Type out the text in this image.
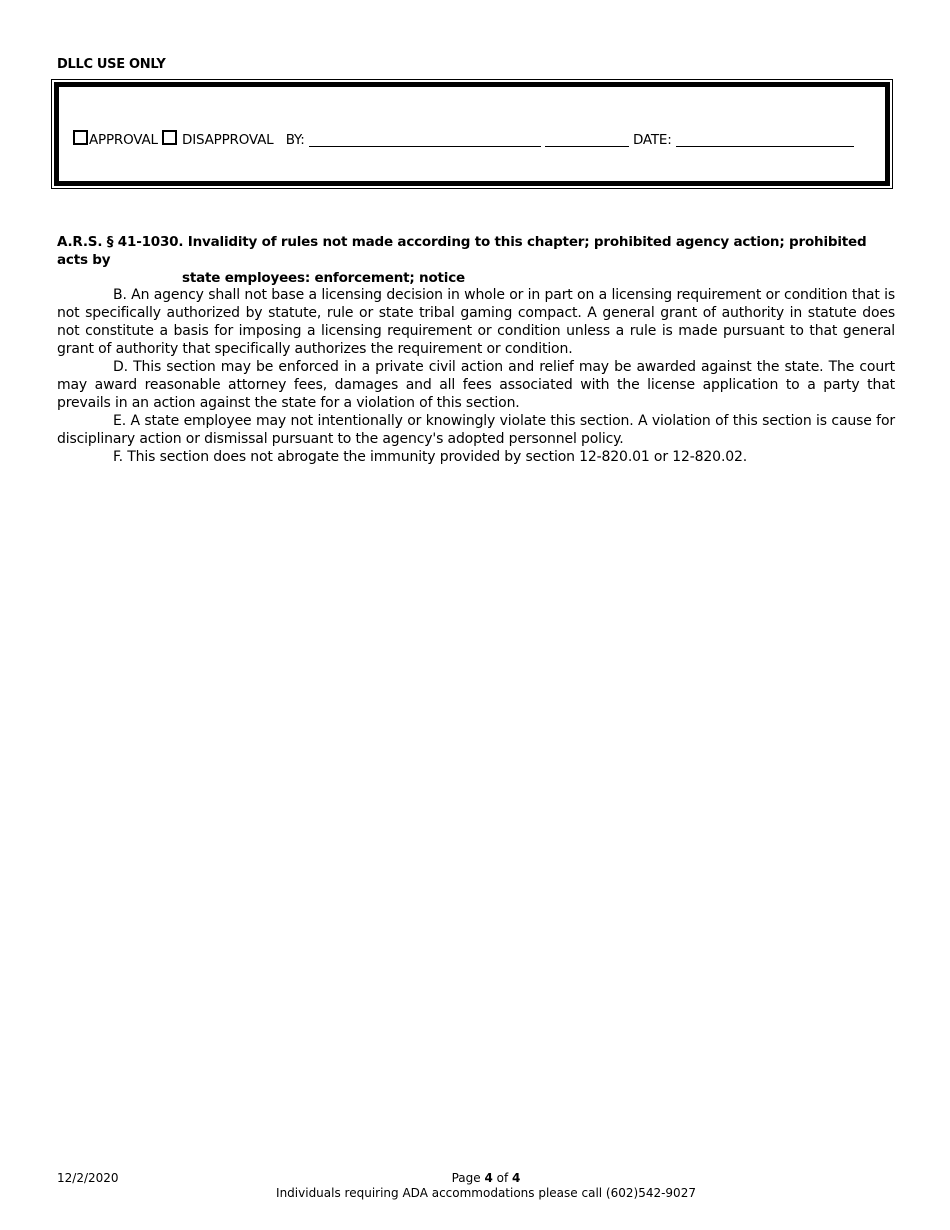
DLLC USE ONLY
APPROVAL DISAPPROVAL BY:	DATE:
A.R.S. § 41-1030. Invalidity of rules not made according to this chapter; prohibited agency action; prohibited acts by
state employees: enforcement; notice

B. An agency shall not base a licensing decision in whole or in part on a licensing requirement or condition that is not specifically authorized by statute, rule or state tribal gaming compact. A general grant of authority in statute does not constitute a basis for imposing a licensing requirement or condition unless a rule is made pursuant to that general grant of authority that specifically authorizes the requirement or condition.

D. This section may be enforced in a private civil action and relief may be awarded against the state. The court may award reasonable attorney fees, damages and all fees associated with the license application to a party that prevails in an action against the state for a violation of this section.

E. A state employee may not intentionally or knowingly violate this section. A violation of this section is cause for disciplinary action or dismissal pursuant to the agency's adopted personnel policy.

F. This section does not abrogate the immunity provided by section 12-820.01 or 12-820.02.

12/2/2020	Page 4 of 4
Individuals requiring ADA accommodations please call (602)542-9027
